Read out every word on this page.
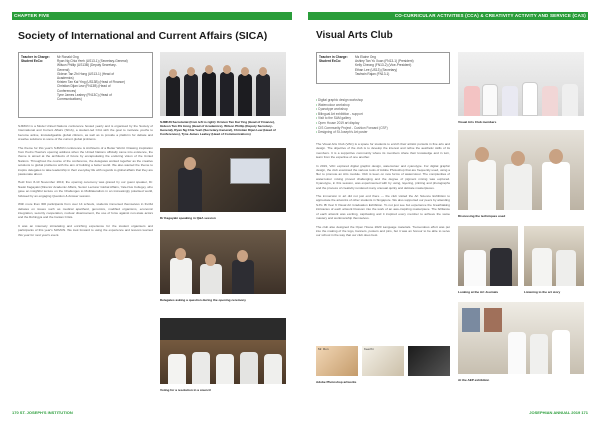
CHAPTER FIVE
Society of International and Current Affairs (SICA)
Teacher in Charge:
Student ExCo:
Mr Ronald Ong
Ryan Ng Chia Yeeh (US13-1) (Secretary-General)
Wilson Phillip (US13B) (Deputy Secretary-
General)
Gideon Tan Zhi Hong (US13-1) (Head of
Academics)
Kristen Tan Kai Ying (US13B) (Head of Finance)
Christian Dijan Lew (FN13B) (Head of
Conferences)
Tyne James Leahey (FN13C) (Head of
Communications)

SJIMUN is a Model United Nations conference hosted yearly and is organised by the Society of International and Current Affairs (SICA), a student-led CCA with the goal to motivate youths to become active, knowledgeable global citizens, as well as to provide a platform for debate and creative solutions to some of the current global problems.

The theme for this year's SJIMUN conference is Architects of a Better World. Drawing inspiration from Pedro Huerta's opening address when the United Nations officially came into existence, the theme is aimed at the architects of future by encapsulating the enduring vision of the United Nations. Throughout the course of the conference, the delegates worked together as the creative solutions to global problems with the aim of building a better world. We also wanted the theme to inspire delegates to take leadership in their everyday life with regards to global affairs that they are passionate about.

Held from 8-10 November 2019, the opening ceremony was graced by our guest speaker, Dr. Naoki Kagayaki (Director Academic Affairs, Senior Lecturer Global Affairs, Yale-Nus College), who gave an insightful lecture on the Challenges to Multilateralism in an increasingly polarised world, followed by an engaging Question & Answer session.

With more than 300 participants from over 14 schools, students immersed themselves in fruitful debates on issues such as medical apartheid, genomics, modified organisms, economic integration, security cooperation, nuclear disarmament, the use of force against non-state actors and the Rohingya and the Iranian Crisis.

It was an intensely stimulating and enriching experience for the student organisers and participants of this year's SJIMUN. We look forward to using the experience and lessons learned this year for next year's event.

SJIMUN Secretariat (from left to right): Kristen Tan Kai Ying (Head of Finance), Gideon Tan Zhi Hong (Head of Academics), Wilson Phillip (Deputy Secretary-General), Ryan Ng Chia Yeeh (Secretary-General), Christian Dijan Lew (Head of Conferences), Tyne James Leahey (Head of Communications)
Dr Kagayaki speaking in Q&A session
Delegates asking a question during the opening ceremony
Voting for a resolution in a council
170 ST. JOSEPH'S INSTITUTION
CO-CURRICULAR ACTIVITIES (CCA) & CREATIVITY ACTIVITY AND SERVICE (CAS)
Visual Arts Club
Teacher in Charge:
Student ExCo:
Ms Elaine Ong
Ashley Tan Yu Xuan (FN13-1) (President)
Kelly Cheong (FN13-2) (Vice-President)
Ethan Lee (US13) (Secretary)
Tashwin Rajan (FN13-1)
• Digital graphic design workshop
• Watercolour workshop
• Cyanotype workshop
• Bilingual Art exhibition - support
• Visit to the SAM gallery
• Open House 2019 art display
• CIS Community Project - Cushion Forward (CSF)
• Designing of St Joseph's Art poster

The Visual Arts Club (VAC) is a space for students to enrich their artistic pursuits in fine arts and design. The objective of the club is to develop the interest and refine the aesthetic skills of its members. It is a supportive community where its members share their knowledge and in turn, learn from the expertise of one another.

In 2019, VAC explored digital graphic design, watercolour and cyanotype. For digital graphic design, the club examined the various tools of Adobe Photoshop that are frequently used, using a flier to promote an Arts module. VAC is keen on new forms of watercolour. The complexities of watercolour mixing proved challenging and the degree of pigment mixing was explored. Cyanotype, in this session, was experimented with by using, layering, printing and photographs and the process of creativity rendered many unusual quirky and delicate masterpieces.

The immersion in art did not just end there — the club visited the Art Science Exhibition to appreciate the artworks of other students in Singapore. We also supported our peers by attending SJI's IB Year 6 Visual Art Graduation Exhibition. To not just see but experience the breathtaking intricacies of each artwork blossom into the work of an awe-inspiring masterpiece. The brilliance of each artwork was exciting, captivating and it inspired every member to achieve the same mastery and workmanship themselves.

The club also designed the Open House 2020 Language materials. Tremendous effort was put into the making of the logo, banners, posters and pins, but it was an honour to be able to serve our school in the way that our club does best.

Mr. Ron	Keerthi
Adobe Photoshop artworks
Visual Arts Club members
Discussing the techniques used
Looking at the Art Journals	Listening to the art story
At the AEP exhibition
JOSEPHIAN ANNUAL 2019 171
